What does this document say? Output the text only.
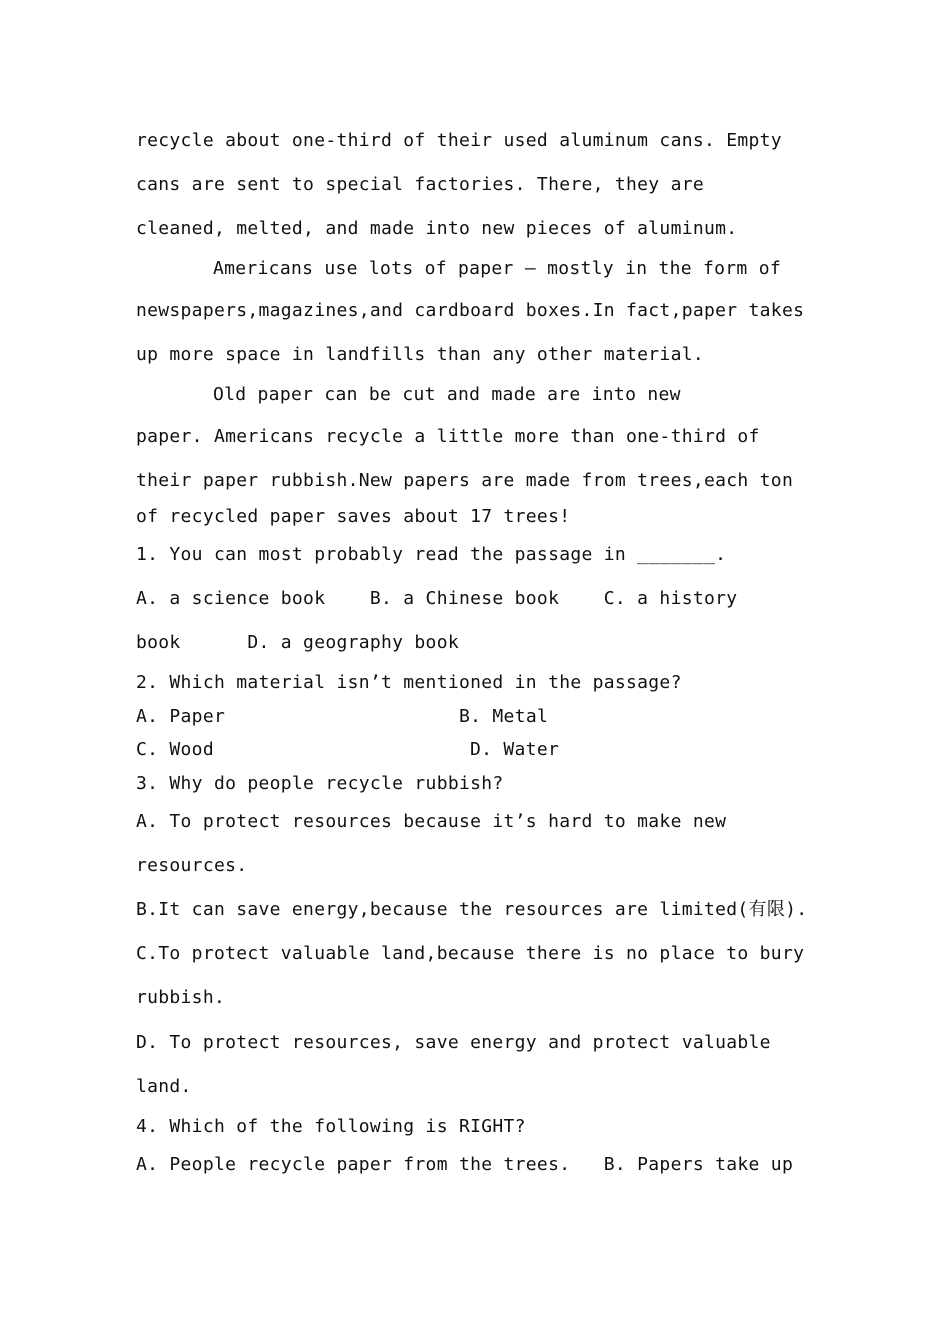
recycle about one-third of their used aluminum cans. Empty
cans are sent to special factories. There, they are
cleaned, melted, and made into new pieces of aluminum.
Americans use lots of paper — mostly in the form of
newspapers,magazines,and cardboard boxes.In fact,paper takes
up more space in landfills than any other material.
Old paper can be cut and made are into new
paper. Americans recycle a little more than one-third of
their paper rubbish.New papers are made from trees,each ton
of recycled paper saves about 17 trees!
1. You can most probably read the passage in _______.
A. a science book    B. a Chinese book    C. a history
book      D. a geography book
2. Which material isn’t mentioned in the passage?
A. Paper	B. Metal
C. Wood	D. Water
3. Why do people recycle rubbish?
A. To protect resources because it’s hard to make new
resources.
B.It can save energy,because the resources are limited(有限).
C.To protect valuable land,because there is no place to bury
rubbish.
D. To protect resources, save energy and protect valuable
land.
4. Which of the following is RIGHT?
A. People recycle paper from the trees.   B. Papers take up
